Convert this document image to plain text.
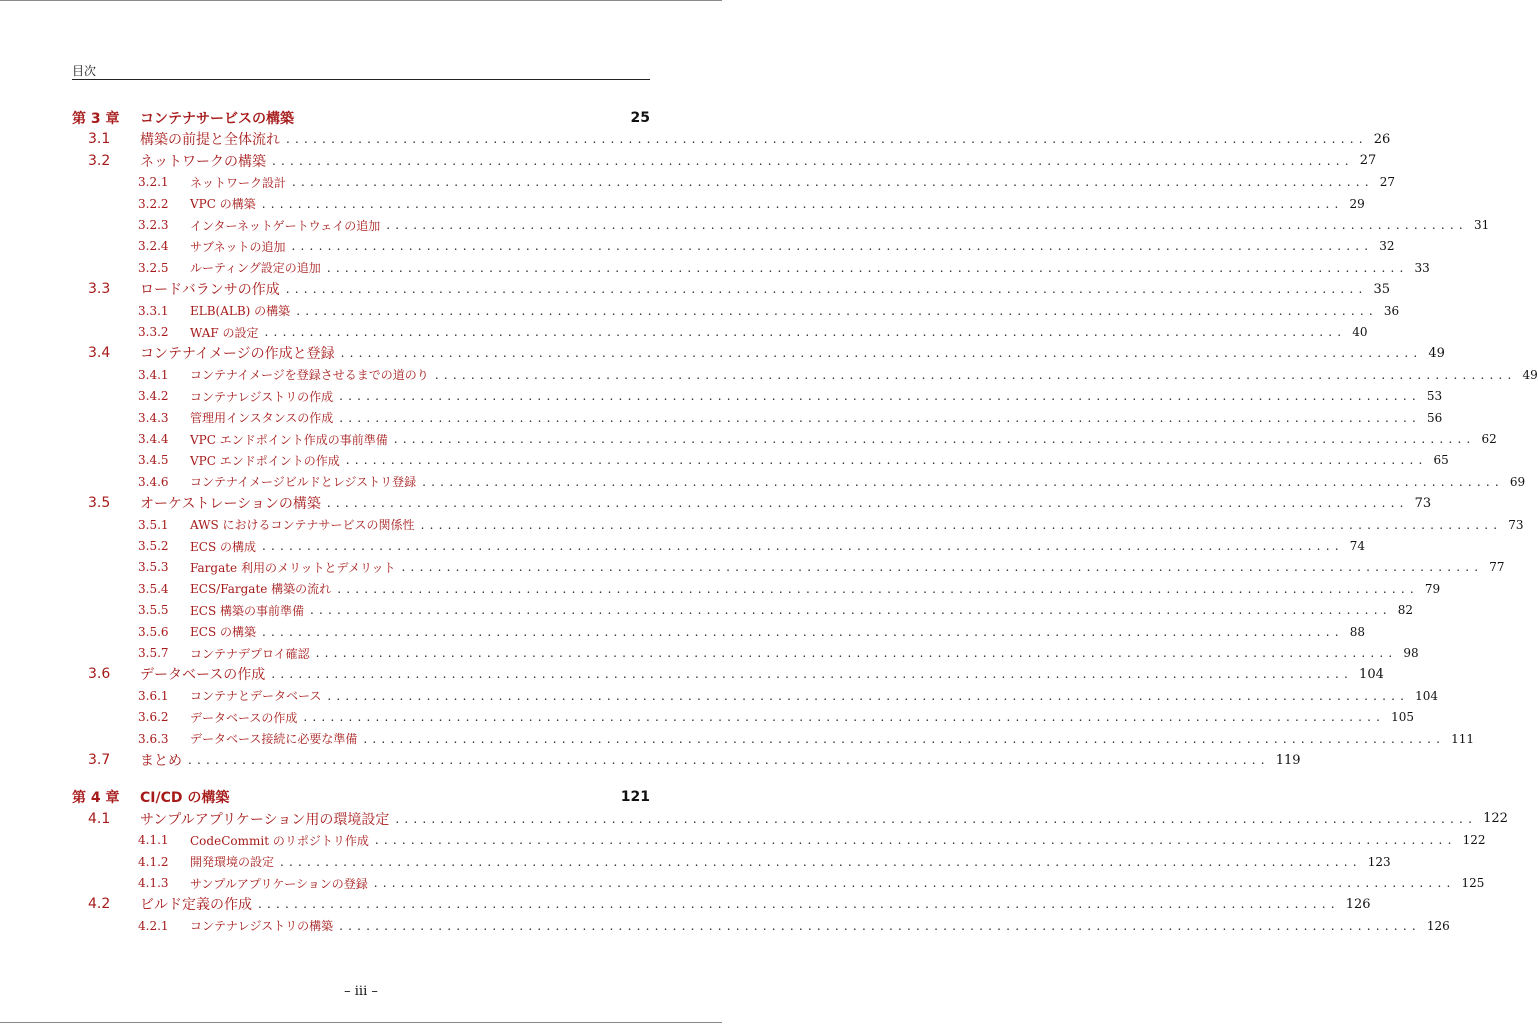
目次
第 3 章	コンテナサービスの構築	25
3.1	構築の前提と全体流れ ........................................................................................................................ 26
3.2	ネットワークの構築 ........................................................................................................................ 27
3.2.1	ネットワーク設計 ........................................................................................................................ 27
3.2.2	VPC の構築 ........................................................................................................................ 29
3.2.3	インターネットゲートウェイの追加 ........................................................................................................................ 31
3.2.4	サブネットの追加 ........................................................................................................................ 32
3.2.5	ルーティング設定の追加 ........................................................................................................................ 33
3.3	ロードバランサの作成 ........................................................................................................................ 35
3.3.1	ELB(ALB) の構築 ........................................................................................................................ 36
3.3.2	WAF の設定 ........................................................................................................................ 40
3.4	コンテナイメージの作成と登録 ........................................................................................................................ 49
3.4.1	コンテナイメージを登録させるまでの道のり ........................................................................................................................ 49
3.4.2	コンテナレジストリの作成 ........................................................................................................................ 53
3.4.3	管理用インスタンスの作成 ........................................................................................................................ 56
3.4.4	VPC エンドポイント作成の事前準備 ........................................................................................................................ 62
3.4.5	VPC エンドポイントの作成 ........................................................................................................................ 65
3.4.6	コンテナイメージビルドとレジストリ登録 ........................................................................................................................ 69
3.5	オーケストレーションの構築 ........................................................................................................................ 73
3.5.1	AWS におけるコンテナサービスの関係性 ........................................................................................................................ 73
3.5.2	ECS の構成 ........................................................................................................................ 74
3.5.3	Fargate 利用のメリットとデメリット ........................................................................................................................ 77
3.5.4	ECS/Fargate 構築の流れ ........................................................................................................................ 79
3.5.5	ECS 構築の事前準備 ........................................................................................................................ 82
3.5.6	ECS の構築 ........................................................................................................................ 88
3.5.7	コンテナデプロイ確認 ........................................................................................................................ 98
3.6	データベースの作成 ........................................................................................................................ 104
3.6.1	コンテナとデータベース ........................................................................................................................ 104
3.6.2	データベースの作成 ........................................................................................................................ 105
3.6.3	データベース接続に必要な準備 ........................................................................................................................ 111
3.7	まとめ ........................................................................................................................ 119
第 4 章	CI/CD の構築	121
4.1	サンプルアプリケーション用の環境設定 ........................................................................................................................ 122
4.1.1	CodeCommit のリポジトリ作成 ........................................................................................................................ 122
4.1.2	開発環境の設定 ........................................................................................................................ 123
4.1.3	サンプルアプリケーションの登録 ........................................................................................................................ 125
4.2	ビルド定義の作成 ........................................................................................................................ 126
4.2.1	コンテナレジストリの構築 ........................................................................................................................ 126
– iii –
